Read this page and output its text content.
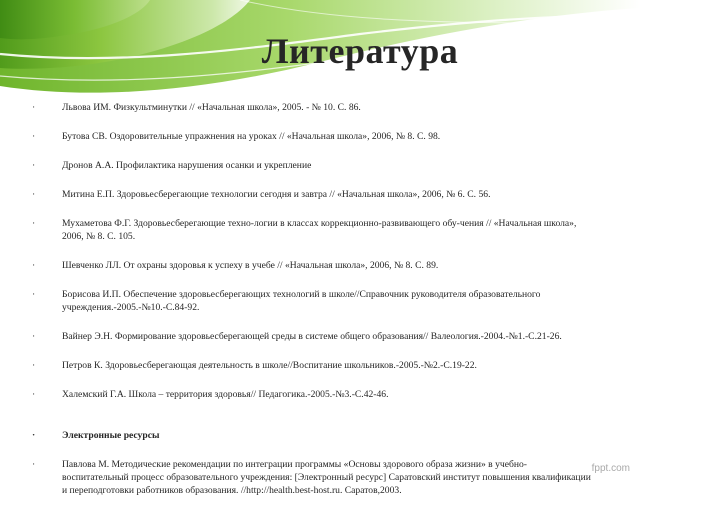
Литература
·	Львова ИМ. Физкультминутки // «Начальная школа», 2005. - № 10. С. 86.
·	Бутова СВ. Оздоровительные упражнения на уроках // «Начальная школа», 2006, № 8. С. 98.
·	Дронов А.А. Профилактика нарушения осанки и укрепление
·	Митина Е.П. Здоровьесберегающие технологии сегодня и завтра // «Начальная школа», 2006, № 6. С. 56.
·	Мухаметова Ф.Г. Здоровьесберегающие техно-логии в классах коррекционно-развивающего обу-чения // «Начальная школа», 2006, № 8. С. 105.
·	Шевченко ЛЛ. От охраны здоровья к успеху в учебе // «Начальная школа», 2006, № 8. С. 89.
·	Борисова И.П. Обеспечение здоровьесберегающих технологий в школе//Справочник руководителя образовательного учреждения.-2005.-№10.-С.84-92.
·	Вайнер Э.Н. Формирование здоровьесберегающей среды в системе общего образования// Валеология.-2004.-№1.-С.21-26.
·	Петров К. Здоровьесберегающая деятельность в школе//Воспитание школьников.-2005.-№2.-С.19-22.
·	Халемский Г.А. Школа – территория здоровья// Педагогика.-2005.-№3.-С.42-46.
·	Электронные ресурсы
·	Павлова М. Методические рекомендации по интеграции программы «Основы здорового образа жизни» в учебно-воспитательный процесс образовательного учреждения: [Электронный ресурс] Саратовский институт повышения квалификации и переподготовки работников образования. //http://health.best-host.ru. Саратов,2003.
fppt.com
